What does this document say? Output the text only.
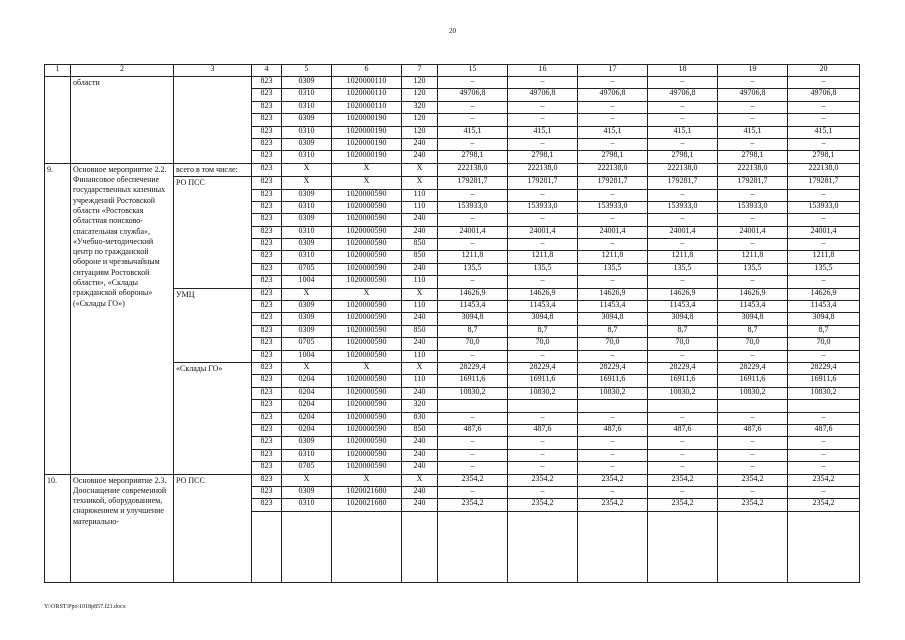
20
1	2	3	4	5	6	7	15	16	17	18	19	20
	области		823	0309	1020000110	120	–	–	–	–	–	–
			823	0310	1020000110	120	49706,8	49706,8	49706,8	49706,8	49706,8	49706,8
			823	0310	1020000110	320	–	–	–	–	–	–
			823	0309	1020000190	120	–	–	–	–	–	–
			823	0310	1020000190	120	415,1	415,1	415,1	415,1	415,1	415,1
			823	0309	1020000190	240	–	–	–	–	–	–
			823	0310	1020000190	240	2798,1	2798,1	2798,1	2798,1	2798,1	2798,1
9.	Основное мероприятие 2.2. Финансовое обеспечение государственных казенных учреждений Ростовской области «Ростовская областная поисково-спасательная служба», «Учебно-методический центр по гражданской обороне и чрезвычайным ситуациям Ростовской области», «Склады гражданской обороны» («Склады ГО»)	всего в том числе:	823	Х	Х	Х	222138,0	222138,0	222138,0	222138,0	222138,0	222138,0
		РО ПСС	823	Х	Х	Х	179281,7	179281,7	179281,7	179281,7	179281,7	179281,7
			823	0309	1020000590	110	–	–	–	–	–	–
			823	0310	1020000590	110	153933,0	153933,0	153933,0	153933,0	153933,0	153933,0
			823	0309	1020000590	240	–	–	–	–	–	–
			823	0310	1020000590	240	24001,4	24001,4	24001,4	24001,4	24001,4	24001,4
			823	0309	1020000590	850	–	–	–	–	–	–
			823	0310	1020000590	850	1211,8	1211,8	1211,8	1211,8	1211,8	1211,8
			823	0705	1020000590	240	135,5	135,5	135,5	135,5	135,5	135,5
			823	1004	1020000590	110	–	–	–	–	–	–
		УМЦ	823	Х	Х	Х	14626,9	14626,9	14626,9	14626,9	14626,9	14626,9
			823	0309	1020000590	110	11453,4	11453,4	11453,4	11453,4	11453,4	11453,4
			823	0309	1020000590	240	3094,8	3094,8	3094,8	3094,8	3094,8	3094,8
			823	0309	1020000590	850	8,7	8,7	8,7	8,7	8,7	8,7
			823	0705	1020000590	240	70,0	70,0	70,0	70,0	70,0	70,0
			823	1004	1020000590	110	–	–	–	–	–	–
		«Склады ГО»	823	Х	Х	Х	28229,4	28229,4	28229,4	28229,4	28229,4	28229,4
			823	0204	1020000590	110	16911,6	16911,6	16911,6	16911,6	16911,6	16911,6
			823	0204	1020000590	240	10830,2	10830,2	10830,2	10830,2	10830,2	10830,2
			823	0204	1020000590	320						
			823	0204	1020000590	830	–	–	–	–	–	–
			823	0204	1020000590	850	487,6	487,6	487,6	487,6	487,6	487,6
			823	0309	1020000590	240	–	–	–	–	–	–
			823	0310	1020000590	240	–	–	–	–	–	–
			823	0705	1020000590	240	–	–	–	–	–	–
10.	Основное мероприятие 2.3. Дооснащение современной техникой, оборудованием, снаряжением и улучшение материально-	РО ПСС	823	Х	Х	Х	2354,2	2354,2	2354,2	2354,2	2354,2	2354,2
			823	0309	1020021680	240	–	–	–	–	–	–
			823	0310	1020021680	240	2354,2	2354,2	2354,2	2354,2	2354,2	2354,2

Y:\ORST\Ppo\1018p857.f21.docx
